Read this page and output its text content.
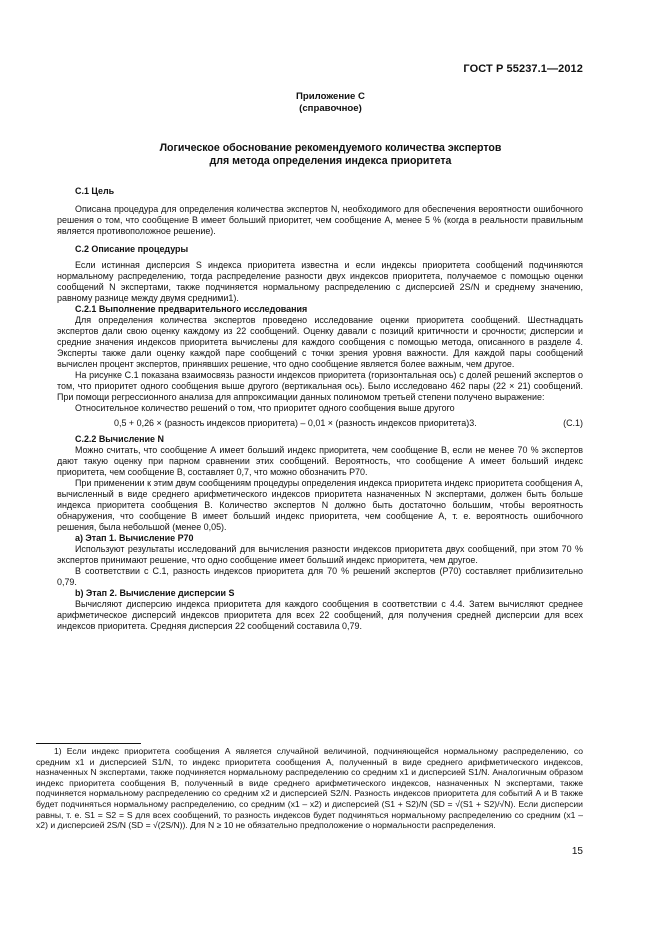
ГОСТ Р 55237.1—2012
Приложение С
(справочное)
Логическое обоснование рекомендуемого количества экспертов
для метода определения индекса приоритета
С.1 Цель

Описана процедура для определения количества экспертов N, необходимого для обеспечения вероятности ошибочного решения о том, что сообщение В имеет больший приоритет, чем сообщение А, менее 5 % (когда в реальности правильным является противоположное решение).

С.2 Описание процедуры

Если истинная дисперсия S индекса приоритета известна и если индексы приоритета сообщений подчиняются нормальному распределению, тогда распределение разности двух индексов приоритета, получаемое с помощью оценки сообщений N экспертами, также подчиняется нормальному распределению с дисперсией 2S/N и среднему значению, равному разнице между двумя средними1).

С.2.1 Выполнение предварительного исследования

Для определения количества экспертов проведено исследование оценки приоритета сообщений. Шестнадцать экспертов дали свою оценку каждому из 22 сообщений. Оценку давали с позиций критичности и срочности; дисперсии и средние значения индексов приоритета вычислены для каждого сообщения с помощью метода, описанного в разделе 4. Эксперты также дали оценку каждой паре сообщений с точки зрения уровня важности. Для каждой пары сообщений вычислен процент экспертов, принявших решение, что одно сообщение является более важным, чем другое.

На рисунке С.1 показана взаимосвязь разности индексов приоритета (горизонтальная ось) с долей решений экспертов о том, что приоритет одного сообщения выше другого (вертикальная ось). Было исследовано 462 пары (22 × 21) сообщений. При помощи регрессионного анализа для аппроксимации данных полиномом третьей степени получено выражение:

Относительное количество решений о том, что приоритет одного сообщения выше другого

0,5 + 0,26 × (разность индексов приоритета) – 0,01 × (разность индексов приоритета)3.	(С.1)
С.2.2 Вычисление N

Можно считать, что сообщение А имеет больший индекс приоритета, чем сообщение В, если не менее 70 % экспертов дают такую оценку при парном сравнении этих сообщений. Вероятность, что сообщение А имеет больший индекс приоритета, чем сообщение В, составляет 0,7, что можно обозначить Р70.

При применении к этим двум сообщениям процедуры определения индекса приоритета индекс приоритета сообщения А, вычисленный в виде среднего арифметического индексов приоритета назначенных N экспертами, должен быть больше индекса приоритета сообщения В. Количество экспертов N должно быть достаточно большим, чтобы вероятность обнаружения, что сообщение В имеет больший индекс приоритета, чем сообщение А, т. е. вероятность ошибочного решения, была небольшой (менее 0,05).

а) Этап 1. Вычисление Р70

Используют результаты исследований для вычисления разности индексов приоритета двух сообщений, при этом 70 % экспертов принимают решение, что одно сообщение имеет больший индекс приоритета, чем другое.

В соответствии с С.1, разность индексов приоритета для 70 % решений экспертов (Р70) составляет приблизительно 0,79.

b) Этап 2. Вычисление дисперсии S

Вычисляют дисперсию индекса приоритета для каждого сообщения в соответствии с 4.4. Затем вычисляют среднее арифметическое дисперсий индексов приоритета для всех 22 сообщений, для получения средней дисперсии для всех индексов приоритета. Средняя дисперсия 22 сообщений составила 0,79.

1) Если индекс приоритета сообщения А является случайной величиной, подчиняющейся нормальному распределению, со средним x1 и дисперсией S1/N, то индекс приоритета сообщения А, полученный в виде среднего арифметического индексов, назначенных N экспертами, также подчиняется нормальному распределению со средним x1 и дисперсией S1/N. Аналогичным образом индекс приоритета сообщения В, полученный в виде среднего арифметического индексов, назначенных N экспертами, также подчиняется нормальному распределению со средним x2 и дисперсией S2/N. Разность индексов приоритета для событий А и В также будет подчиняться нормальному распределению, со средним (x1 – x2) и дисперсией (S1 + S2)/N (SD = √(S1 + S2)/√N). Если дисперсии равны, т. е. S1 = S2 = S для всех сообщений, то разность индексов будет подчиняться нормальному распределению со средним (x1 – x2) и дисперсией 2S/N (SD = √(2S/N)). Для N ≥ 10 не обязательно предположение о нормальности распределения.

15
